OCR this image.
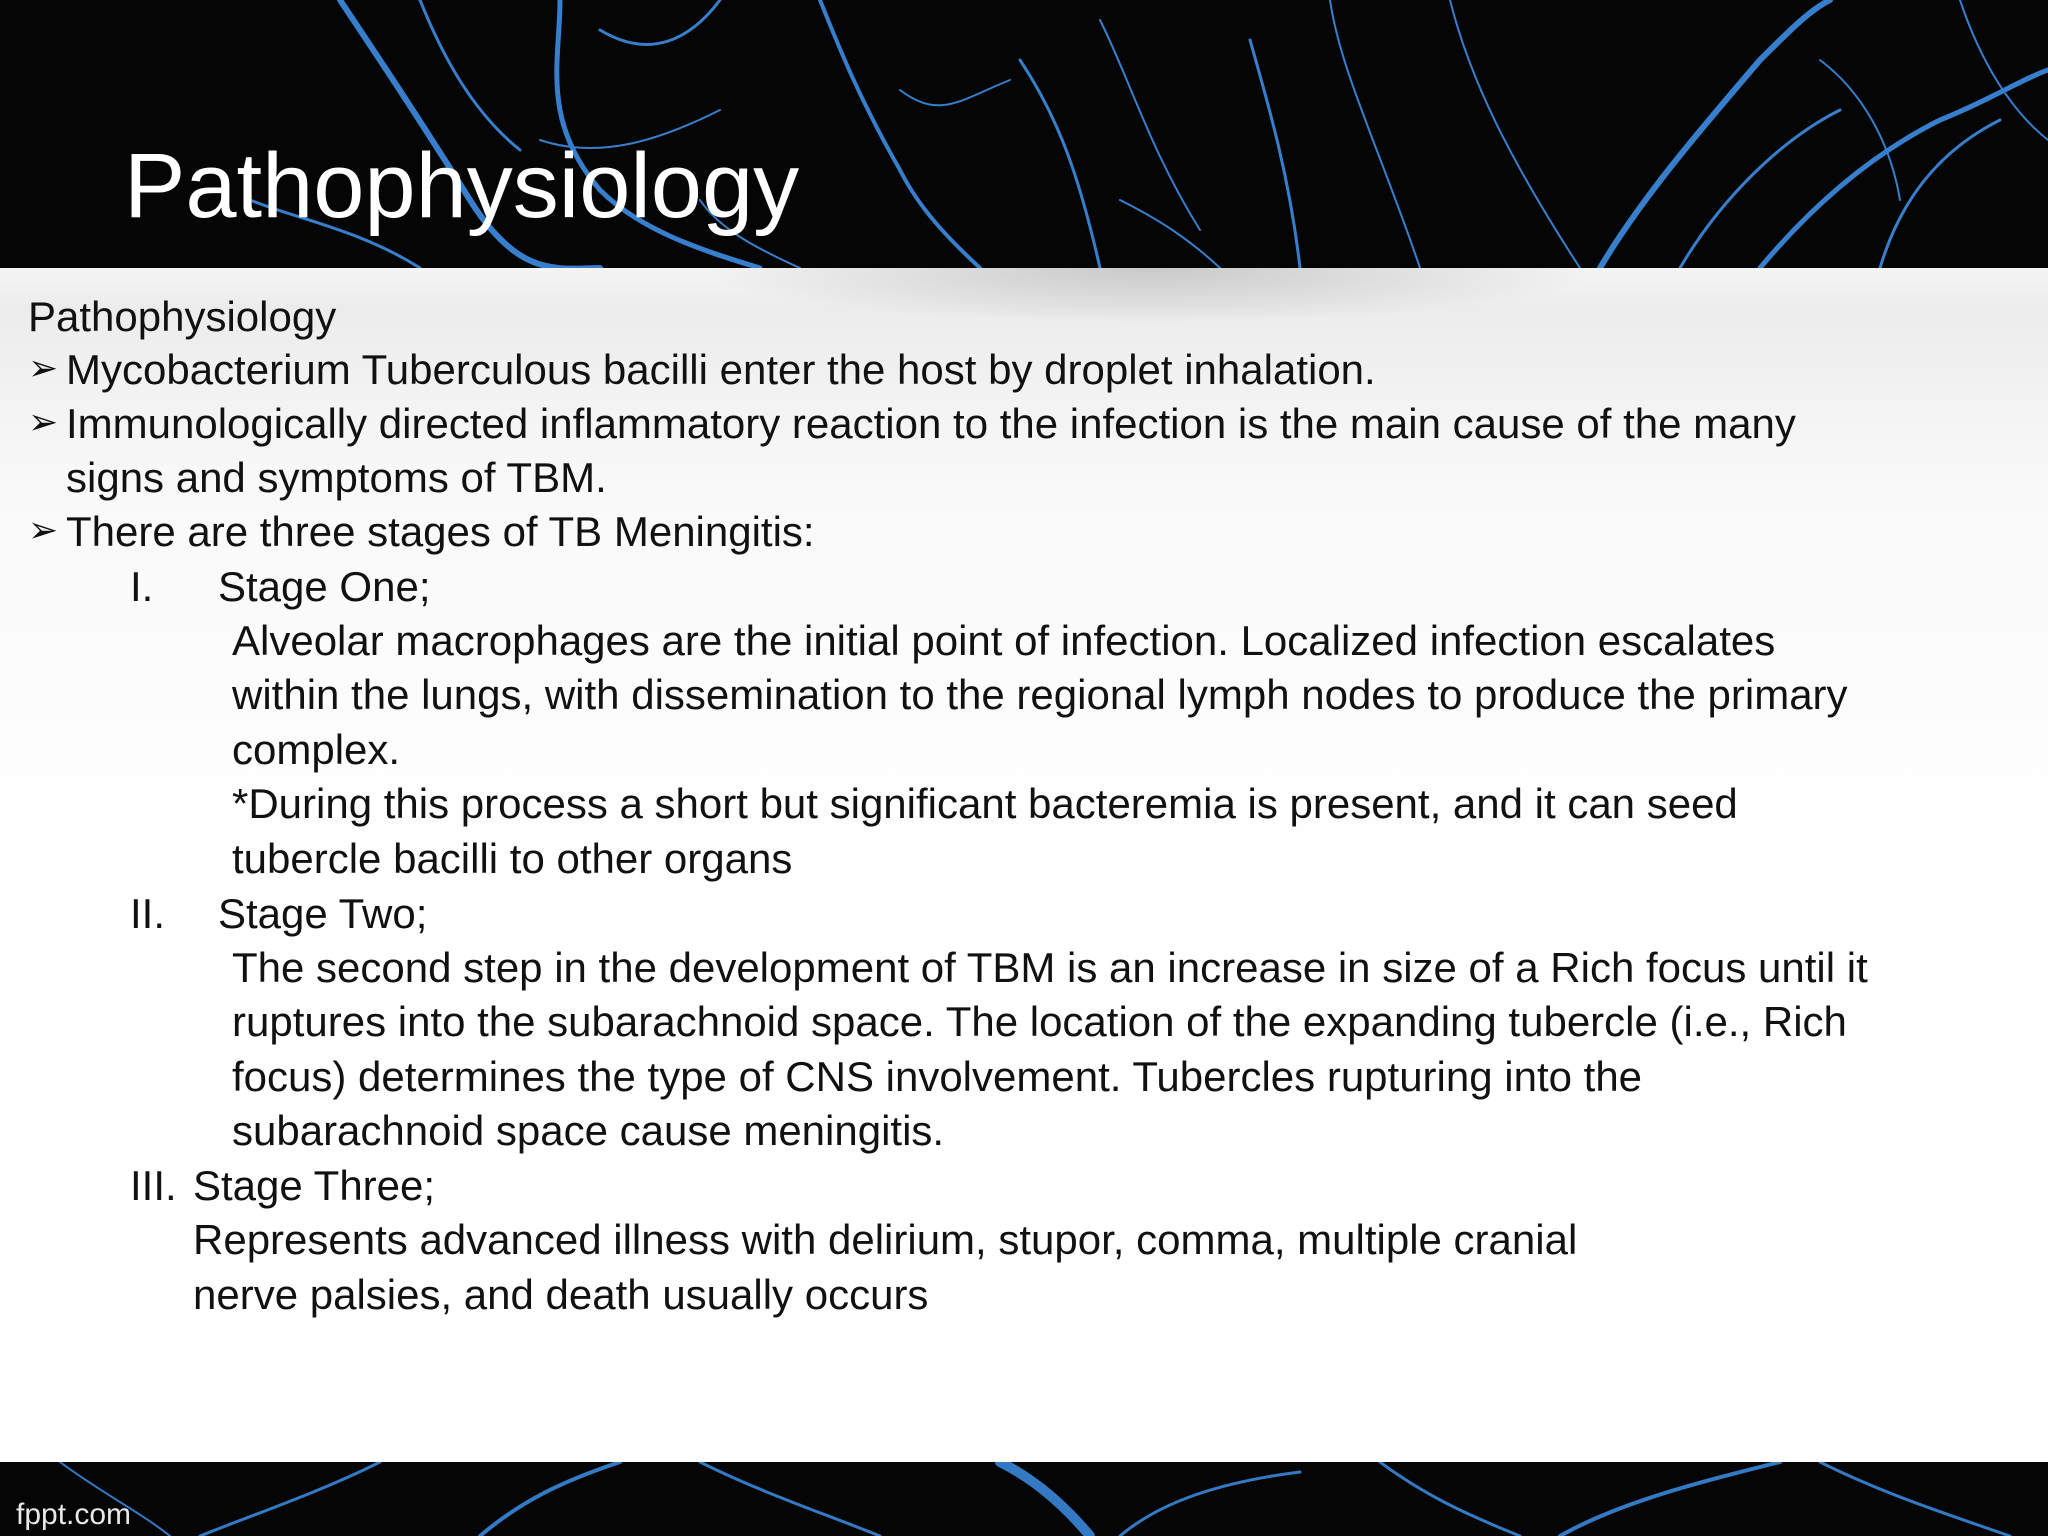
Pathophysiology
Pathophysiology
➢ Mycobacterium Tuberculous bacilli enter the host by droplet inhalation.
➢ Immunologically directed inflammatory reaction to the infection is the main cause of the many
signs and symptoms of TBM.
➢ There are three stages of TB Meningitis:
I. Stage One;
Alveolar macrophages are the initial point of infection. Localized infection escalates
within the lungs, with dissemination to the regional lymph nodes to produce the primary
complex.
*During this process a short but significant bacteremia is present, and it can seed
tubercle bacilli to other organs
II. Stage Two;
The second step in the development of TBM is an increase in size of a Rich focus until it
ruptures into the subarachnoid space. The location of the expanding tubercle (i.e., Rich
focus) determines the type of CNS involvement. Tubercles rupturing into the
subarachnoid space cause meningitis.
III. Stage Three;
Represents advanced illness with delirium, stupor, comma, multiple cranial
nerve palsies, and death usually occurs
fppt.com
